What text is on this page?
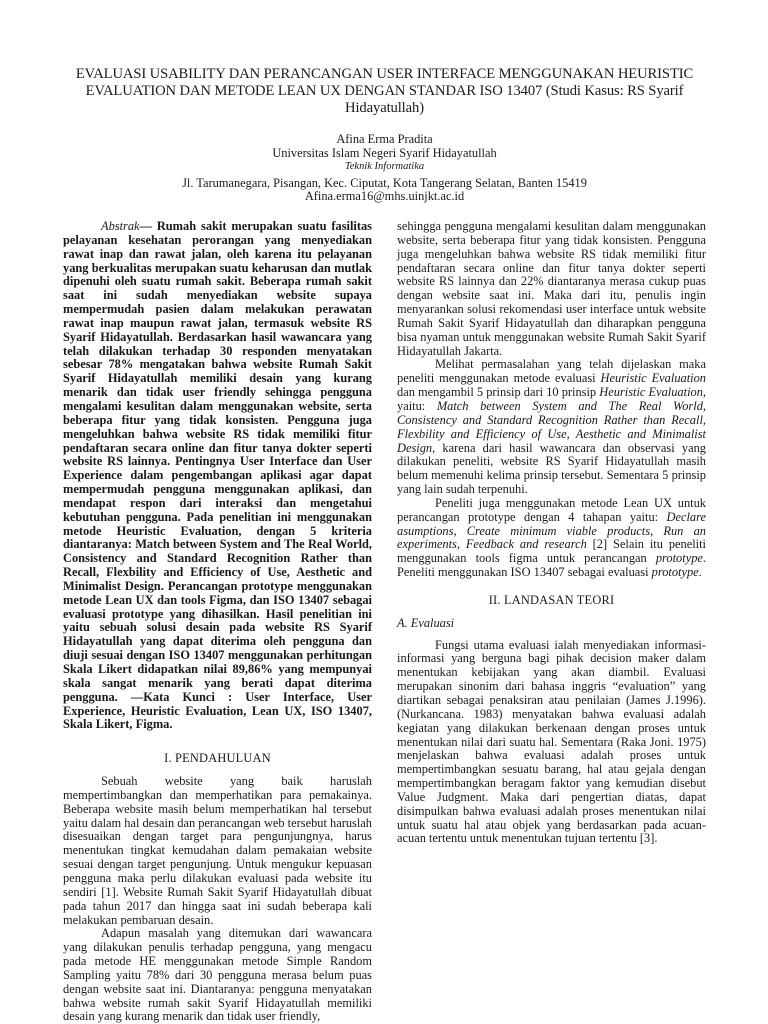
EVALUASI USABILITY DAN PERANCANGAN USER INTERFACE MENGGUNAKAN HEURISTIC EVALUATION DAN METODE LEAN UX DENGAN STANDAR ISO 13407 (Studi Kasus: RS Syarif Hidayatullah)
Afina Erma Pradita
Universitas Islam Negeri Syarif Hidayatullah
Teknik Informatika
Jl. Tarumanegara, Pisangan, Kec. Ciputat, Kota Tangerang Selatan, Banten 15419
Afina.erma16@mhs.uinjkt.ac.id

Abstrak— Rumah sakit merupakan suatu fasilitas pelayanan kesehatan perorangan yang menyediakan rawat inap dan rawat jalan, oleh karena itu pelayanan yang berkualitas merupakan suatu keharusan dan mutlak dipenuhi oleh suatu rumah sakit. Beberapa rumah sakit saat ini sudah menyediakan website supaya mempermudah pasien dalam melakukan perawatan rawat inap maupun rawat jalan, termasuk website RS Syarif Hidayatullah. Berdasarkan hasil wawancara yang telah dilakukan terhadap 30 responden menyatakan sebesar 78% mengatakan bahwa website Rumah Sakit Syarif Hidayatullah memiliki desain yang kurang menarik dan tidak user friendly sehingga pengguna mengalami kesulitan dalam menggunakan website, serta beberapa fitur yang tidak konsisten. Pengguna juga mengeluhkan bahwa website RS tidak memiliki fitur pendaftaran secara online dan fitur tanya dokter seperti website RS lainnya. Pentingnya User Interface dan User Experience dalam pengembangan aplikasi agar dapat mempermudah pengguna menggunakan aplikasi, dan mendapat respon dari interaksi dan mengetahui kebutuhan pengguna. Pada penelitian ini menggunakan metode Heuristic Evaluation, dengan 5 kriteria diantaranya: Match between System and The Real World, Consistency and Standard Recognition Rather than Recall, Flexbility and Efficiency of Use, Aesthetic and Minimalist Design. Perancangan prototype menggunakan metode Lean UX dan tools Figma, dan ISO 13407 sebagai evaluasi prototype yang dihasilkan. Hasil penelitian ini yaitu sebuah solusi desain pada website RS Syarif Hidayatullah yang dapat diterima oleh pengguna dan diuji sesuai dengan ISO 13407 menggunakan perhitungan Skala Likert didapatkan nilai 89,86% yang mempunyai skala sangat menarik yang berati dapat diterima pengguna. —Kata Kunci : User Interface, User Experience, Heuristic Evaluation, Lean UX, ISO 13407, Skala Likert, Figma.

I. PENDAHULUAN

Sebuah website yang baik haruslah mempertimbangkan dan memperhatikan para pemakainya. Beberapa website masih belum memperhatikan hal tersebut yaitu dalam hal desain dan perancangan web tersebut haruslah disesuaikan dengan target para pengunjungnya, harus menentukan tingkat kemudahan dalam pemakaian website sesuai dengan target pengunjung. Untuk mengukur kepuasan pengguna maka perlu dilakukan evaluasi pada website itu sendiri [1]. Website Rumah Sakit Syarif Hidayatullah dibuat pada tahun 2017 dan hingga saat ini sudah beberapa kali melakukan pembaruan desain.

Adapun masalah yang ditemukan dari wawancara yang dilakukan penulis terhadap pengguna, yang mengacu pada metode HE menggunakan metode Simple Random Sampling yaitu 78% dari 30 pengguna merasa belum puas dengan website saat ini. Diantaranya: pengguna menyatakan bahwa website rumah sakit Syarif Hidayatullah memiliki desain yang kurang menarik dan tidak user friendly,

sehingga pengguna mengalami kesulitan dalam menggunakan website, serta beberapa fitur yang tidak konsisten. Pengguna juga mengeluhkan bahwa website RS tidak memiliki fitur pendaftaran secara online dan fitur tanya dokter seperti website RS lainnya dan 22% diantaranya merasa cukup puas dengan website saat ini. Maka dari itu, penulis ingin menyarankan solusi rekomendasi user interface untuk website Rumah Sakit Syarif Hidayatullah dan diharapkan pengguna bisa nyaman untuk menggunakan website Rumah Sakit Syarif Hidayatullah Jakarta.

Melihat permasalahan yang telah dijelaskan maka peneliti menggunakan metode evaluasi Heuristic Evaluation dan mengambil 5 prinsip dari 10 prinsip Heuristic Evaluation, yaitu: Match between System and The Real World, Consistency and Standard Recognition Rather than Recall, Flexbility and Efficiency of Use, Aesthetic and Minimalist Design, karena dari hasil wawancara dan observasi yang dilakukan peneliti, website RS Syarif Hidayatullah masih belum memenuhi kelima prinsip tersebut. Sementara 5 prinsip yang lain sudah terpenuhi.

Peneliti juga menggunakan metode Lean UX untuk perancangan prototype dengan 4 tahapan yaitu: Declare asumptions, Create minimum viable products, Run an experiments, Feedback and research [2] Selain itu peneliti menggunakan tools figma untuk perancangan prototype. Peneliti menggunakan ISO 13407 sebagai evaluasi prototype.

II. LANDASAN TEORI
A. Evaluasi

Fungsi utama evaluasi ialah menyediakan informasi-informasi yang berguna bagi pihak decision maker dalam menentukan kebijakan yang akan diambil. Evaluasi merupakan sinonim dari bahasa inggris “evaluation” yang diartikan sebagai penaksiran atau penilaian (James J.1996). (Nurkancana. 1983) menyatakan bahwa evaluasi adalah kegiatan yang dilakukan berkenaan dengan proses untuk menentukan nilai dari suatu hal. Sementara (Raka Joni. 1975) menjelaskan bahwa evaluasi adalah proses untuk mempertimbangkan sesuatu barang, hal atau gejala dengan mempertimbangkan beragam faktor yang kemudian disebut Value Judgment. Maka dari pengertian diatas, dapat disimpulkan bahwa evaluasi adalah proses menentukan nilai untuk suatu hal atau objek yang berdasarkan pada acuan-acuan tertentu untuk menentukan tujuan tertentu [3].
